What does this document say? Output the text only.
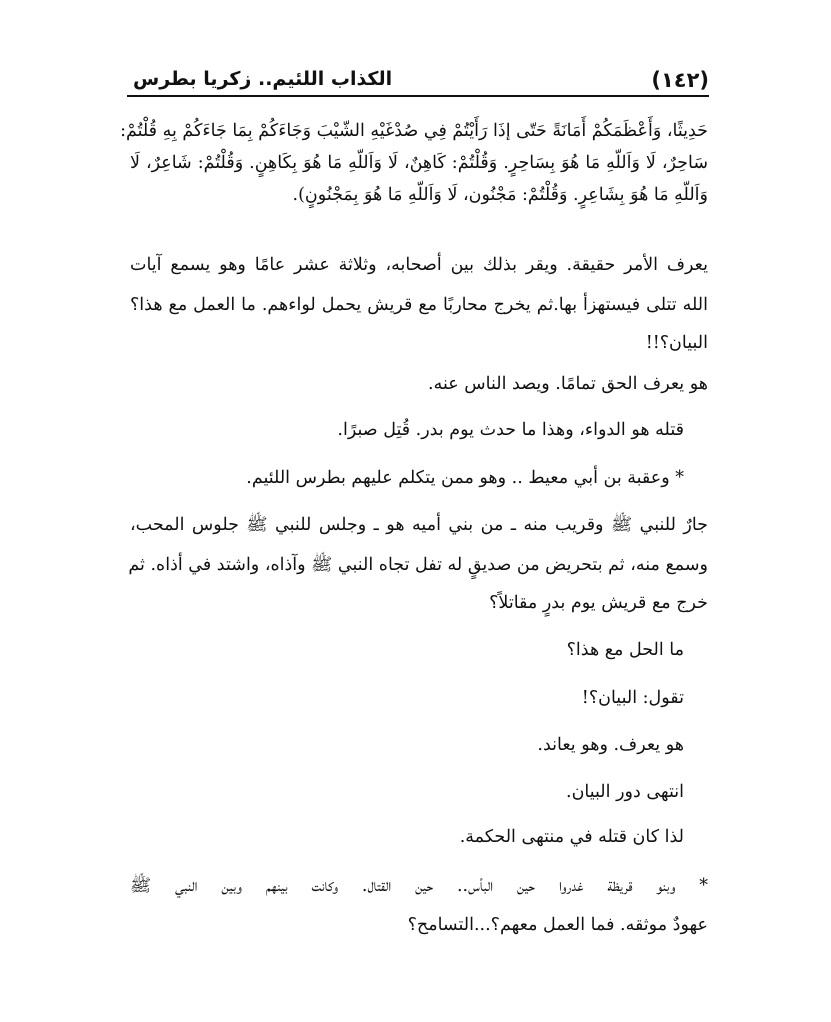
(١٤٢)
الكذاب اللئيم.. زكريا بطرس
حَدِيثًا، وَأَعْظَمَكُمْ أَمَانَةً حَتّى إذَا رَأَيْتُمْ فِي صُدْغَيْهِ الشّيْبَ وَجَاءَكُمْ بِمَا جَاءَكُمْ بِهِ قُلْتُمْ:
سَاحِرٌ، لَا وَاَللّهِ مَا هُوَ بِسَاحِرٍ. وَقُلْتُمْ: كَاهِنٌ، لَا وَاَللّهِ مَا هُوَ بِكَاهِنٍ. وَقُلْتُمْ: شَاعِرٌ، لَا
وَاَللّهِ مَا هُوَ بِشَاعِرٍ. وَقُلْتُمْ: مَجْنُون، لَا وَاَللّهِ مَا هُوَ بِمَجْنُونٍ).
يعرف الأمر حقيقة. ويقر بذلك بين أصحابه، وثلاثة عشر عامًا وهو يسمع آيات
الله تتلى فيستهزأ بها.ثم يخرج محاربًا مع قريش يحمل لواءهم. ما العمل مع هذا؟
البيان؟!!
هو يعرف الحق تمامًا. ويصد الناس عنه.
قتله هو الدواء، وهذا ما حدث يوم بدر. قُتِل صبرًا.
* وعقبة بن أبي معيط .. وهو ممن يتكلم عليهم بطرس اللئيم.
جارٌ للنبي ﷺ وقريب منه ـ من بني أميه هو ـ وجلس للنبي ﷺ جلوس المحب،
وسمع منه، ثم بتحريض من صديقٍ له تفل تجاه النبي ﷺ وآذاه، واشتد في أذاه. ثم
خرج مع قريش يوم بدرٍ مقاتلاً؟
ما الحل مع هذا؟
تقول: البيان؟!
هو يعرف. وهو يعاند.
انتهى دور البيان.
لذا كان قتله في منتهى الحكمة.
* وبنو قريظة غدروا حين البأس.. حين القتال. وكانت بينهم وبين النبي ﷺ
عهودٌ موثقه. فما العمل معهم؟...التسامح؟
